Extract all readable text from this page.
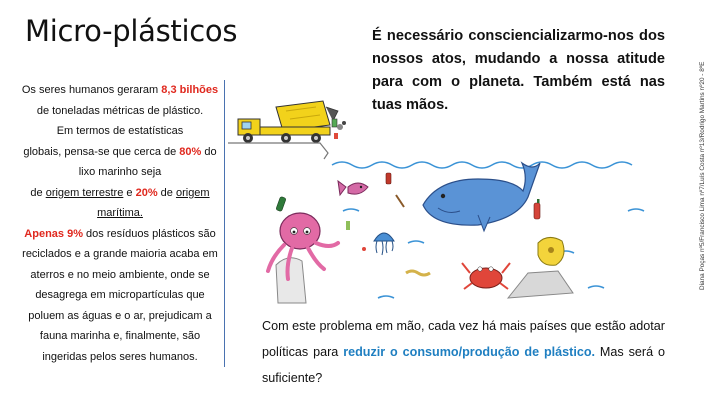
Micro-plásticos

Os seres humanos geraram 8,3 bilhões

de toneladas métricas de plástico.

Em termos de estatísticas

globais, pensa-se que cerca de 80% do

lixo marinho seja

de origem terrestre e 20% de origem

marítima.

Apenas 9% dos resíduos plásticos são reciclados e a grande maioria acaba em aterros e no meio ambiente, onde se desagrega em micropartículas que poluem as águas e o ar, prejudicam a fauna marinha e, finalmente, são ingeridas pelos seres humanos.

É necessário consciencializarmo-nos dos nossos atos, mudando a nossa atitude para com o planeta. Também está nas tuas mãos.
Com este problema em mão, cada vez há mais países que estão adotar políticas para reduzir o consumo/produção de plástico. Mas será o suficiente?
Diana Poças nº5/Francisco Lima nº7/Luís Costa nº13/Rodrigo Martins nº20 - 8ºE
